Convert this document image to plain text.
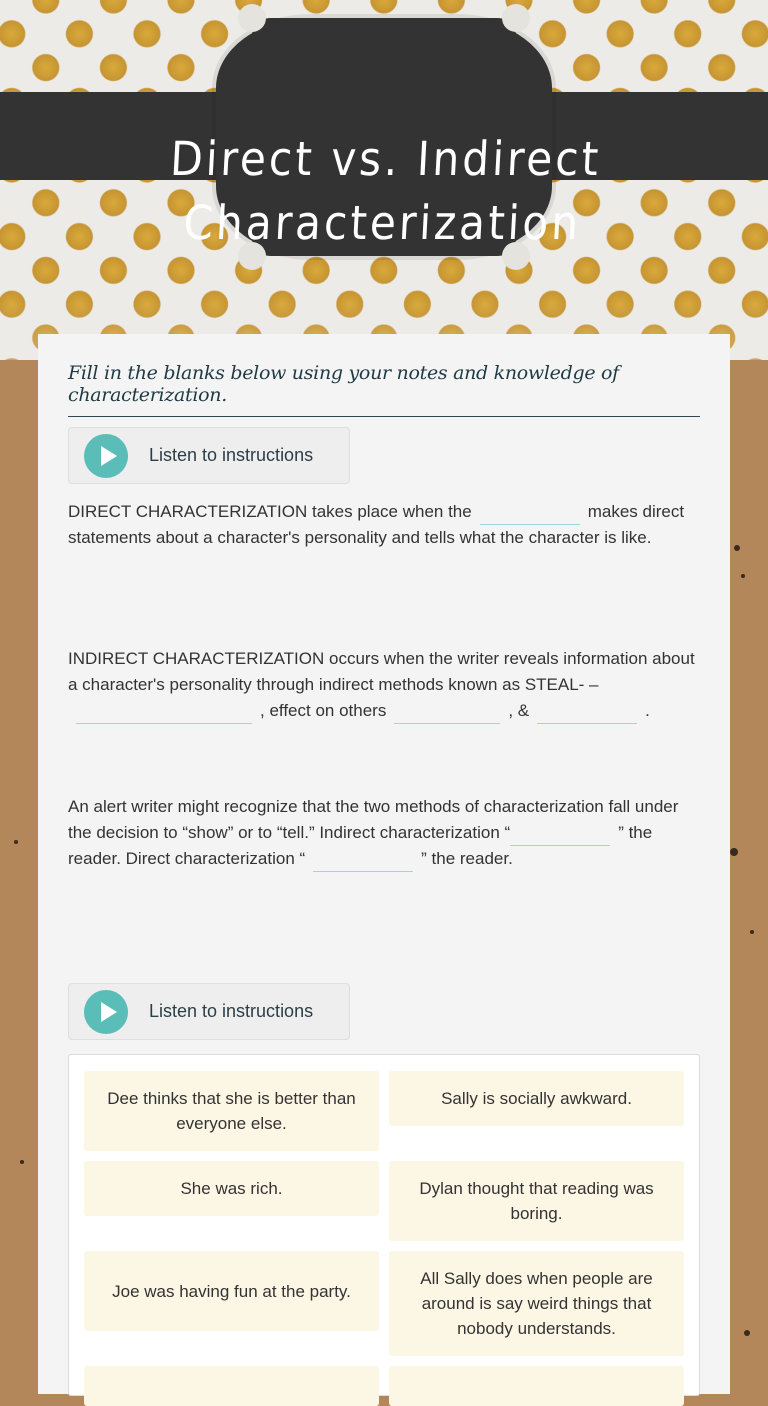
Direct vs. Indirect Characterization
Fill in the blanks below using your notes and knowledge of characterization.
Listen to instructions
DIRECT CHARACTERIZATION takes place when the	makes direct statements about a character's personality and tells what the character is like.
INDIRECT CHARACTERIZATION occurs when the writer reveals information about a character's personality through indirect methods known as STEAL- –, effect on others	, &	.
An alert writer might recognize that the two methods of characterization fall under the decision to “show” or to “tell.” Indirect characterization “	” the reader. Direct characterization “	” the reader.
Listen to instructions
Dee thinks that she is better than everyone else.
Sally is socially awkward.
She was rich.	Dylan thought that reading was boring.
Joe was having fun at the party.
All Sally does when people are around is say weird things that nobody understands.
